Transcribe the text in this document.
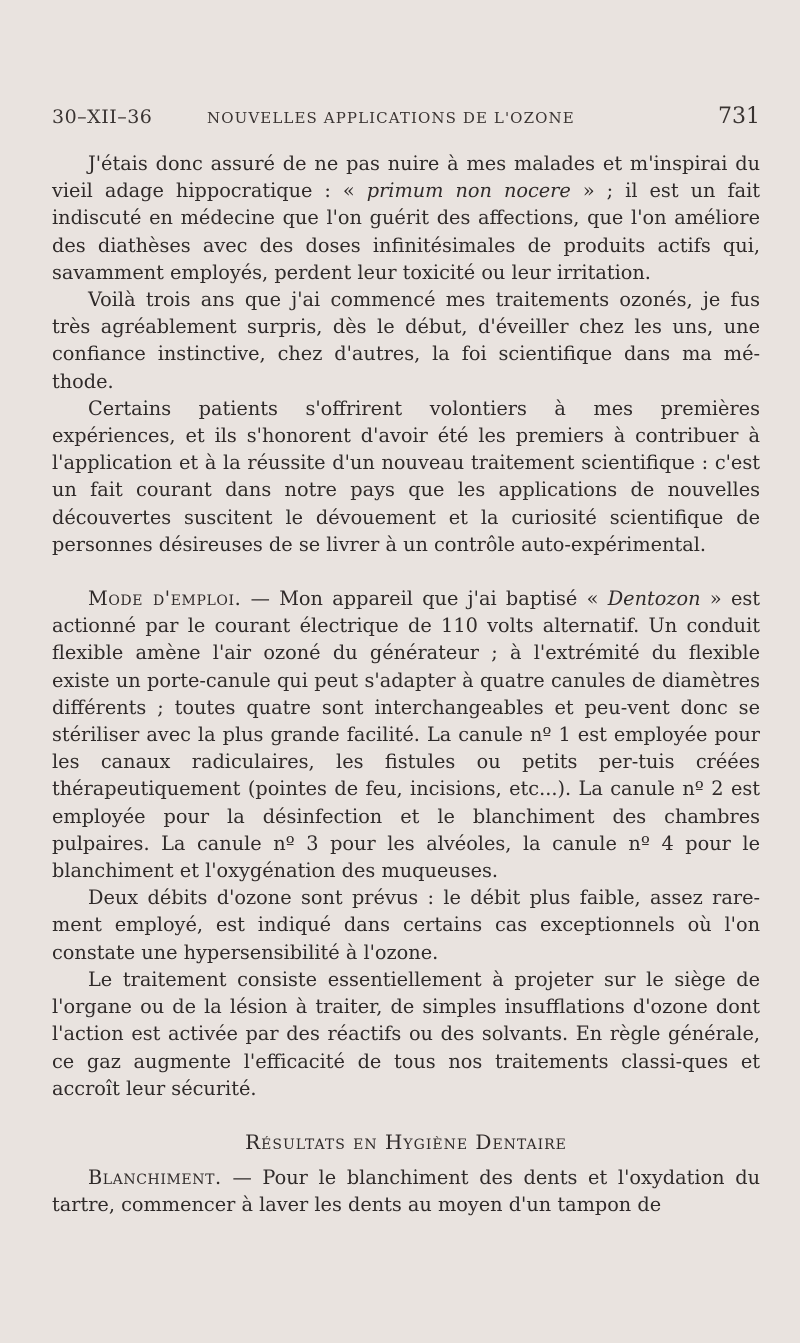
30–XII–36	NOUVELLES APPLICATIONS DE L'OZONE	731

J'étais donc assuré de ne pas nuire à mes malades et m'inspirai du vieil adage hippocratique : « primum non nocere » ; il est un fait indiscuté en médecine que l'on guérit des affections, que l'on améliore des diathèses avec des doses infinitésimales de produits actifs qui, savamment employés, perdent leur toxicité ou leur irritation.

Voilà trois ans que j'ai commencé mes traitements ozonés, je fus très agréablement surpris, dès le début, d'éveiller chez les uns, une confiance instinctive, chez d'autres, la foi scientifique dans ma mé-thode.

Certains patients s'offrirent volontiers à mes premières expériences, et ils s'honorent d'avoir été les premiers à contribuer à l'application et à la réussite d'un nouveau traitement scientifique : c'est un fait courant dans notre pays que les applications de nouvelles découvertes suscitent le dévouement et la curiosité scientifique de personnes désireuses de se livrer à un contrôle auto-expérimental.

Mode d'emploi. — Mon appareil que j'ai baptisé « Dentozon » est actionné par le courant électrique de 110 volts alternatif. Un conduit flexible amène l'air ozoné du générateur ; à l'extrémité du flexible existe un porte-canule qui peut s'adapter à quatre canules de diamètres différents ; toutes quatre sont interchangeables et peu-vent donc se stériliser avec la plus grande facilité. La canule nº 1 est employée pour les canaux radiculaires, les fistules ou petits per-tuis créées thérapeutiquement (pointes de feu, incisions, etc...). La canule nº 2 est employée pour la désinfection et le blanchiment des chambres pulpaires. La canule nº 3 pour les alvéoles, la canule nº 4 pour le blanchiment et l'oxygénation des muqueuses.

Deux débits d'ozone sont prévus : le débit plus faible, assez rare-ment employé, est indiqué dans certains cas exceptionnels où l'on constate une hypersensibilité à l'ozone.

Le traitement consiste essentiellement à projeter sur le siège de l'organe ou de la lésion à traiter, de simples insufflations d'ozone dont l'action est activée par des réactifs ou des solvants. En règle générale, ce gaz augmente l'efficacité de tous nos traitements classi-ques et accroît leur sécurité.

Résultats en Hygiène Dentaire

Blanchiment. — Pour le blanchiment des dents et l'oxydation du tartre, commencer à laver les dents au moyen d'un tampon de
